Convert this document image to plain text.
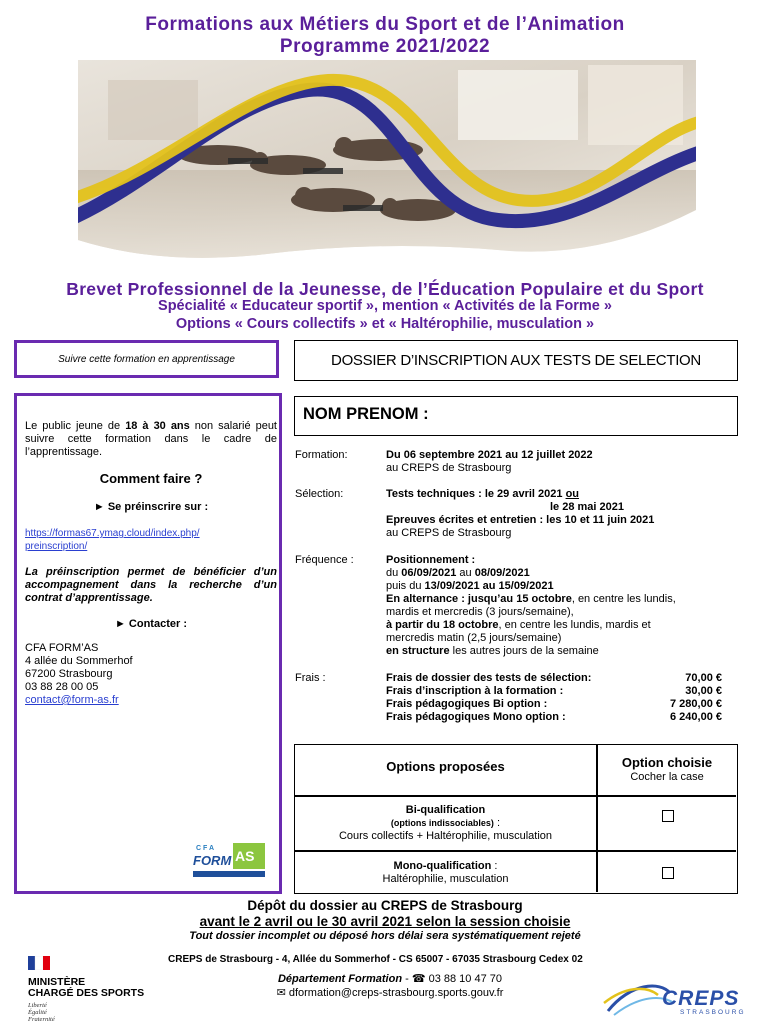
Formations aux Métiers du Sport et de l’Animation
Programme 2021/2022
Brevet Professionnel de la Jeunesse, de l’Éducation Populaire et du Sport
Spécialité « Educateur sportif », mention « Activités de la Forme »
Options « Cours collectifs » et « Haltérophilie, musculation »
Suivre cette formation en apprentissage	DOSSIER D’INSCRIPTION AUX TESTS DE SELECTION
Le public jeune de 18 à 30 ans non salarié peut suivre cette formation dans le cadre de l’apprentissage.
Comment faire ?
► Se préinscrire sur :
https://formas67.ymag.cloud/index.php/
preinscription/
La préinscription permet de bénéficier d’un accompagnement dans la recherche d’un contrat d’apprentissage.
► Contacter :
CFA FORM’AS
4 allée du Sommerhof
67200 Strasbourg
03 88 28 00 05
contact@form-as.fr
CFA
FORM AS
NOM PRENOM :
Formation:	Du 06 septembre 2021 au 12 juillet 2022
au CREPS de Strasbourg
Sélection:	Tests techniques : le 29 avril 2021 ou
le 28 mai 2021
Epreuves écrites et entretien : les 10 et 11 juin 2021
au CREPS de Strasbourg
Fréquence :	Positionnement :
du 06/09/2021 au 08/09/2021
puis du 13/09/2021 au 15/09/2021
En alternance : jusqu’au 15 octobre, en centre les lundis,
mardis et mercredis (3 jours/semaine),
à partir du 18 octobre, en centre les lundis, mardis et
mercredis matin (2,5 jours/semaine)
en structure les autres jours de la semaine
Frais :	Frais de dossier des tests de sélection:	70,00 €
Frais d’inscription à la formation :	30,00 €
Frais pédagogiques Bi option :	7 280,00 €
Frais pédagogiques Mono option :	6 240,00 €
Options proposées	Option choisie
Cocher la case
Bi-qualification
(options indissociables) :
Cours collectifs + Haltérophilie, musculation
Mono-qualification :
Haltérophilie, musculation
Dépôt du dossier au CREPS de Strasbourg
avant le 2 avril ou le 30 avril 2021 selon la session choisie
Tout dossier incomplet ou déposé hors délai sera systématiquement rejeté
CREPS de Strasbourg - 4, Allée du Sommerhof - CS 65007 - 67035 Strasbourg Cedex 02
Département Formation - ☎ 03 88 10 47 70
✉ dformation@creps-strasbourg.sports.gouv.fr
MINISTÈRE
CHARGÉ DES SPORTS
Liberté
Égalité
Fraternité
CREPS
STRASBOURG
